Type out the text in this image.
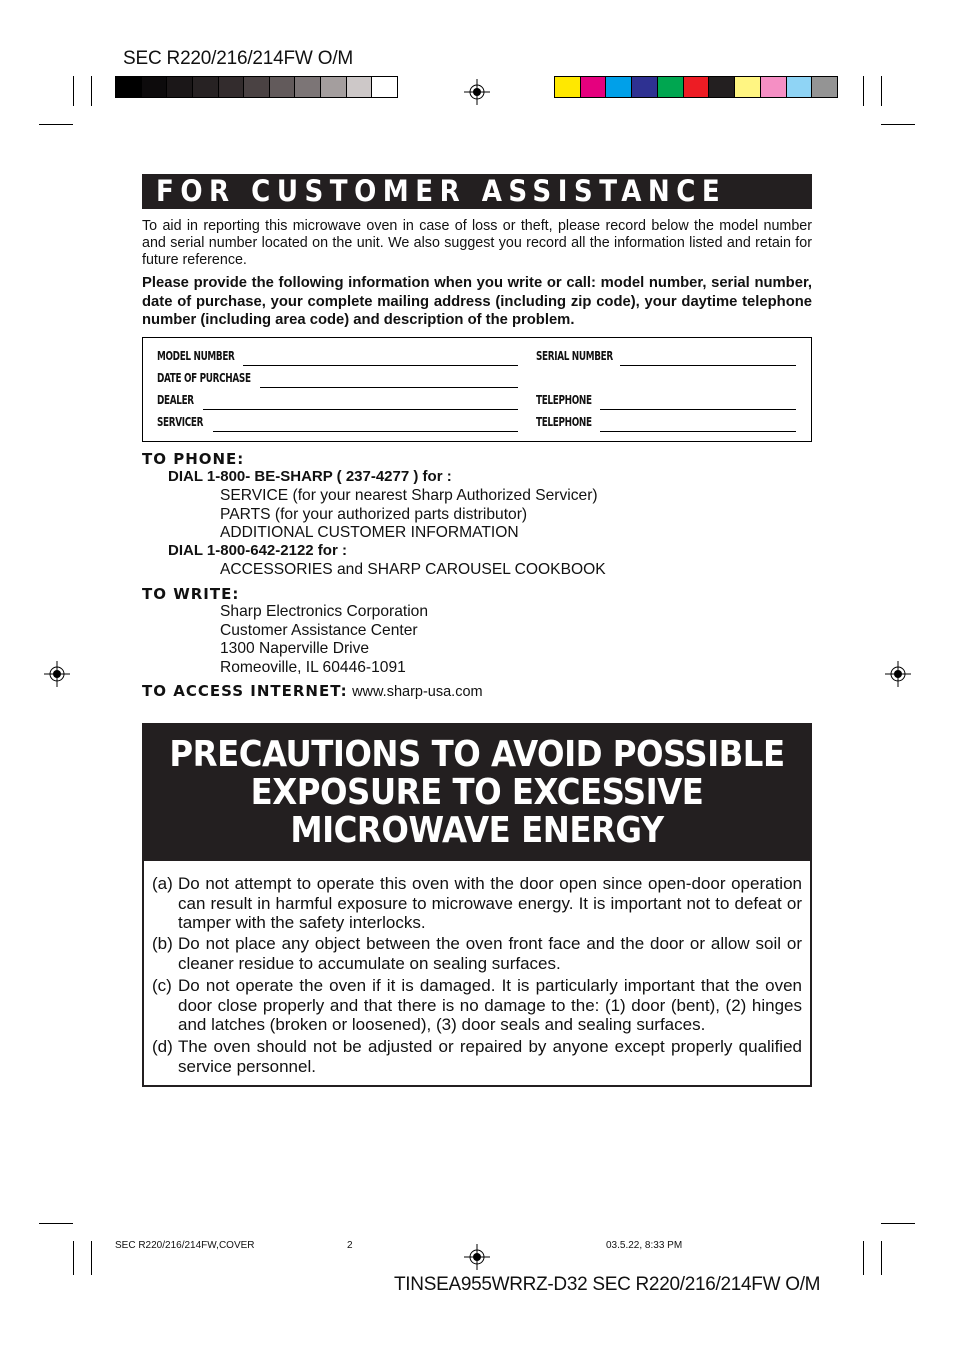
SEC R220/216/214FW O/M
FOR CUSTOMER ASSISTANCE
To aid in reporting this microwave oven in case of loss or theft, please record below the model number and serial number located on the unit. We also suggest you record all the information listed and retain for future reference.
Please provide the following information when you write or call: model number, serial number, date of purchase, your complete mailing address (including zip code), your daytime telephone number (including area code) and description of the problem.
MODEL NUMBER	SERIAL NUMBER
DATE OF PURCHASE
DEALER	TELEPHONE
SERVICER	TELEPHONE
TO PHONE:
DIAL 1-800- BE-SHARP ( 237-4277 ) for :
SERVICE (for your nearest Sharp Authorized Servicer)
PARTS (for your authorized parts distributor)
ADDITIONAL CUSTOMER INFORMATION
DIAL 1-800-642-2122 for :
ACCESSORIES and SHARP CAROUSEL COOKBOOK
TO WRITE:
Sharp Electronics Corporation
Customer Assistance Center
1300 Naperville Drive
Romeoville, IL 60446-1091
TO ACCESS INTERNET: www.sharp-usa.com
PRECAUTIONS TO AVOID POSSIBLE
EXPOSURE TO EXCESSIVE
MICROWAVE ENERGY
(a) Do not attempt to operate this oven with the door open since open-door operation can result in harmful exposure to microwave energy. It is important not to defeat or tamper with the safety interlocks.
(b) Do not place any object between the oven front face and the door or allow soil or cleaner residue to accumulate on sealing surfaces.
(c) Do not operate the oven if it is damaged. It is particularly important that the oven door close properly and that there is no damage to the: (1) door (bent), (2) hinges and latches (broken or loosened), (3) door seals and sealing surfaces.
(d) The oven should not be adjusted or repaired by anyone except properly qualified service personnel.
SEC R220/216/214FW,COVER	2	03.5.22, 8:33 PM
TINSEA955WRRZ-D32 SEC R220/216/214FW O/M
